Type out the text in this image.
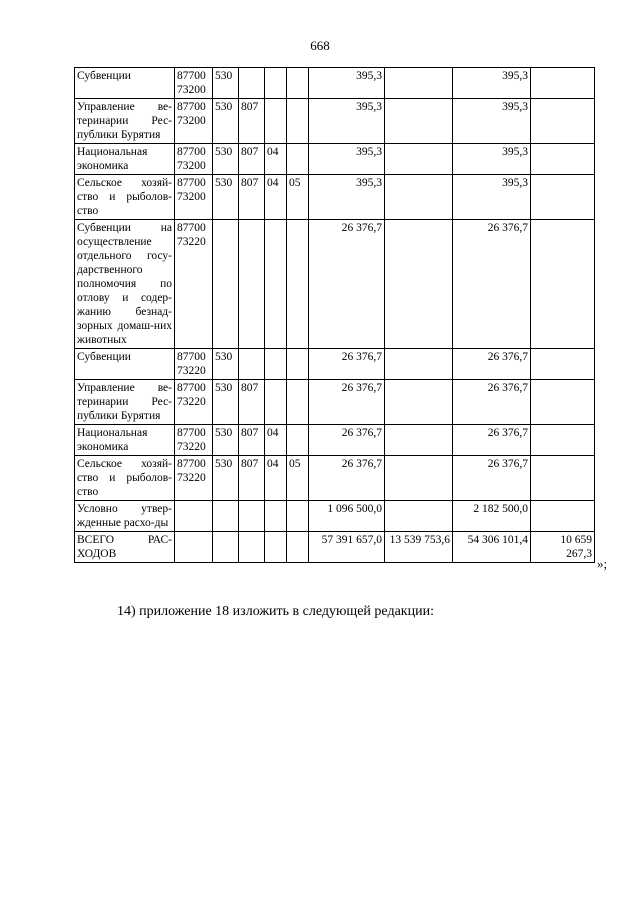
668
Субвенции	87700 73200	530				395,3		395,3	
Управление ве-теринарии Рес-публики Бурятия	87700 73200	530	807			395,3		395,3	
Национальная экономика	87700 73200	530	807	04		395,3		395,3	
Сельское хозяй-ство и рыболов-ство	87700 73200	530	807	04	05	395,3		395,3	
Субвенции на осуществление отдельного госу-дарственного полномочия по отлову и содер-жанию безнад-зорных домаш-них животных	87700 73220					26 376,7		26 376,7	
Субвенции	87700 73220	530				26 376,7		26 376,7	
Управление ве-теринарии Рес-публики Бурятия	87700 73220	530	807			26 376,7		26 376,7	
Национальная экономика	87700 73220	530	807	04		26 376,7		26 376,7	
Сельское хозяй-ство и рыболов-ство	87700 73220	530	807	04	05	26 376,7		26 376,7	
Условно утвер-жденные расхо-ды						1 096 500,0		2 182 500,0	
ВСЕГО РАС-ХОДОВ						57 391 657,0	13 539 753,6	54 306 101,4	10 659 267,3
»;
14) приложение 18 изложить в следующей редакции:
